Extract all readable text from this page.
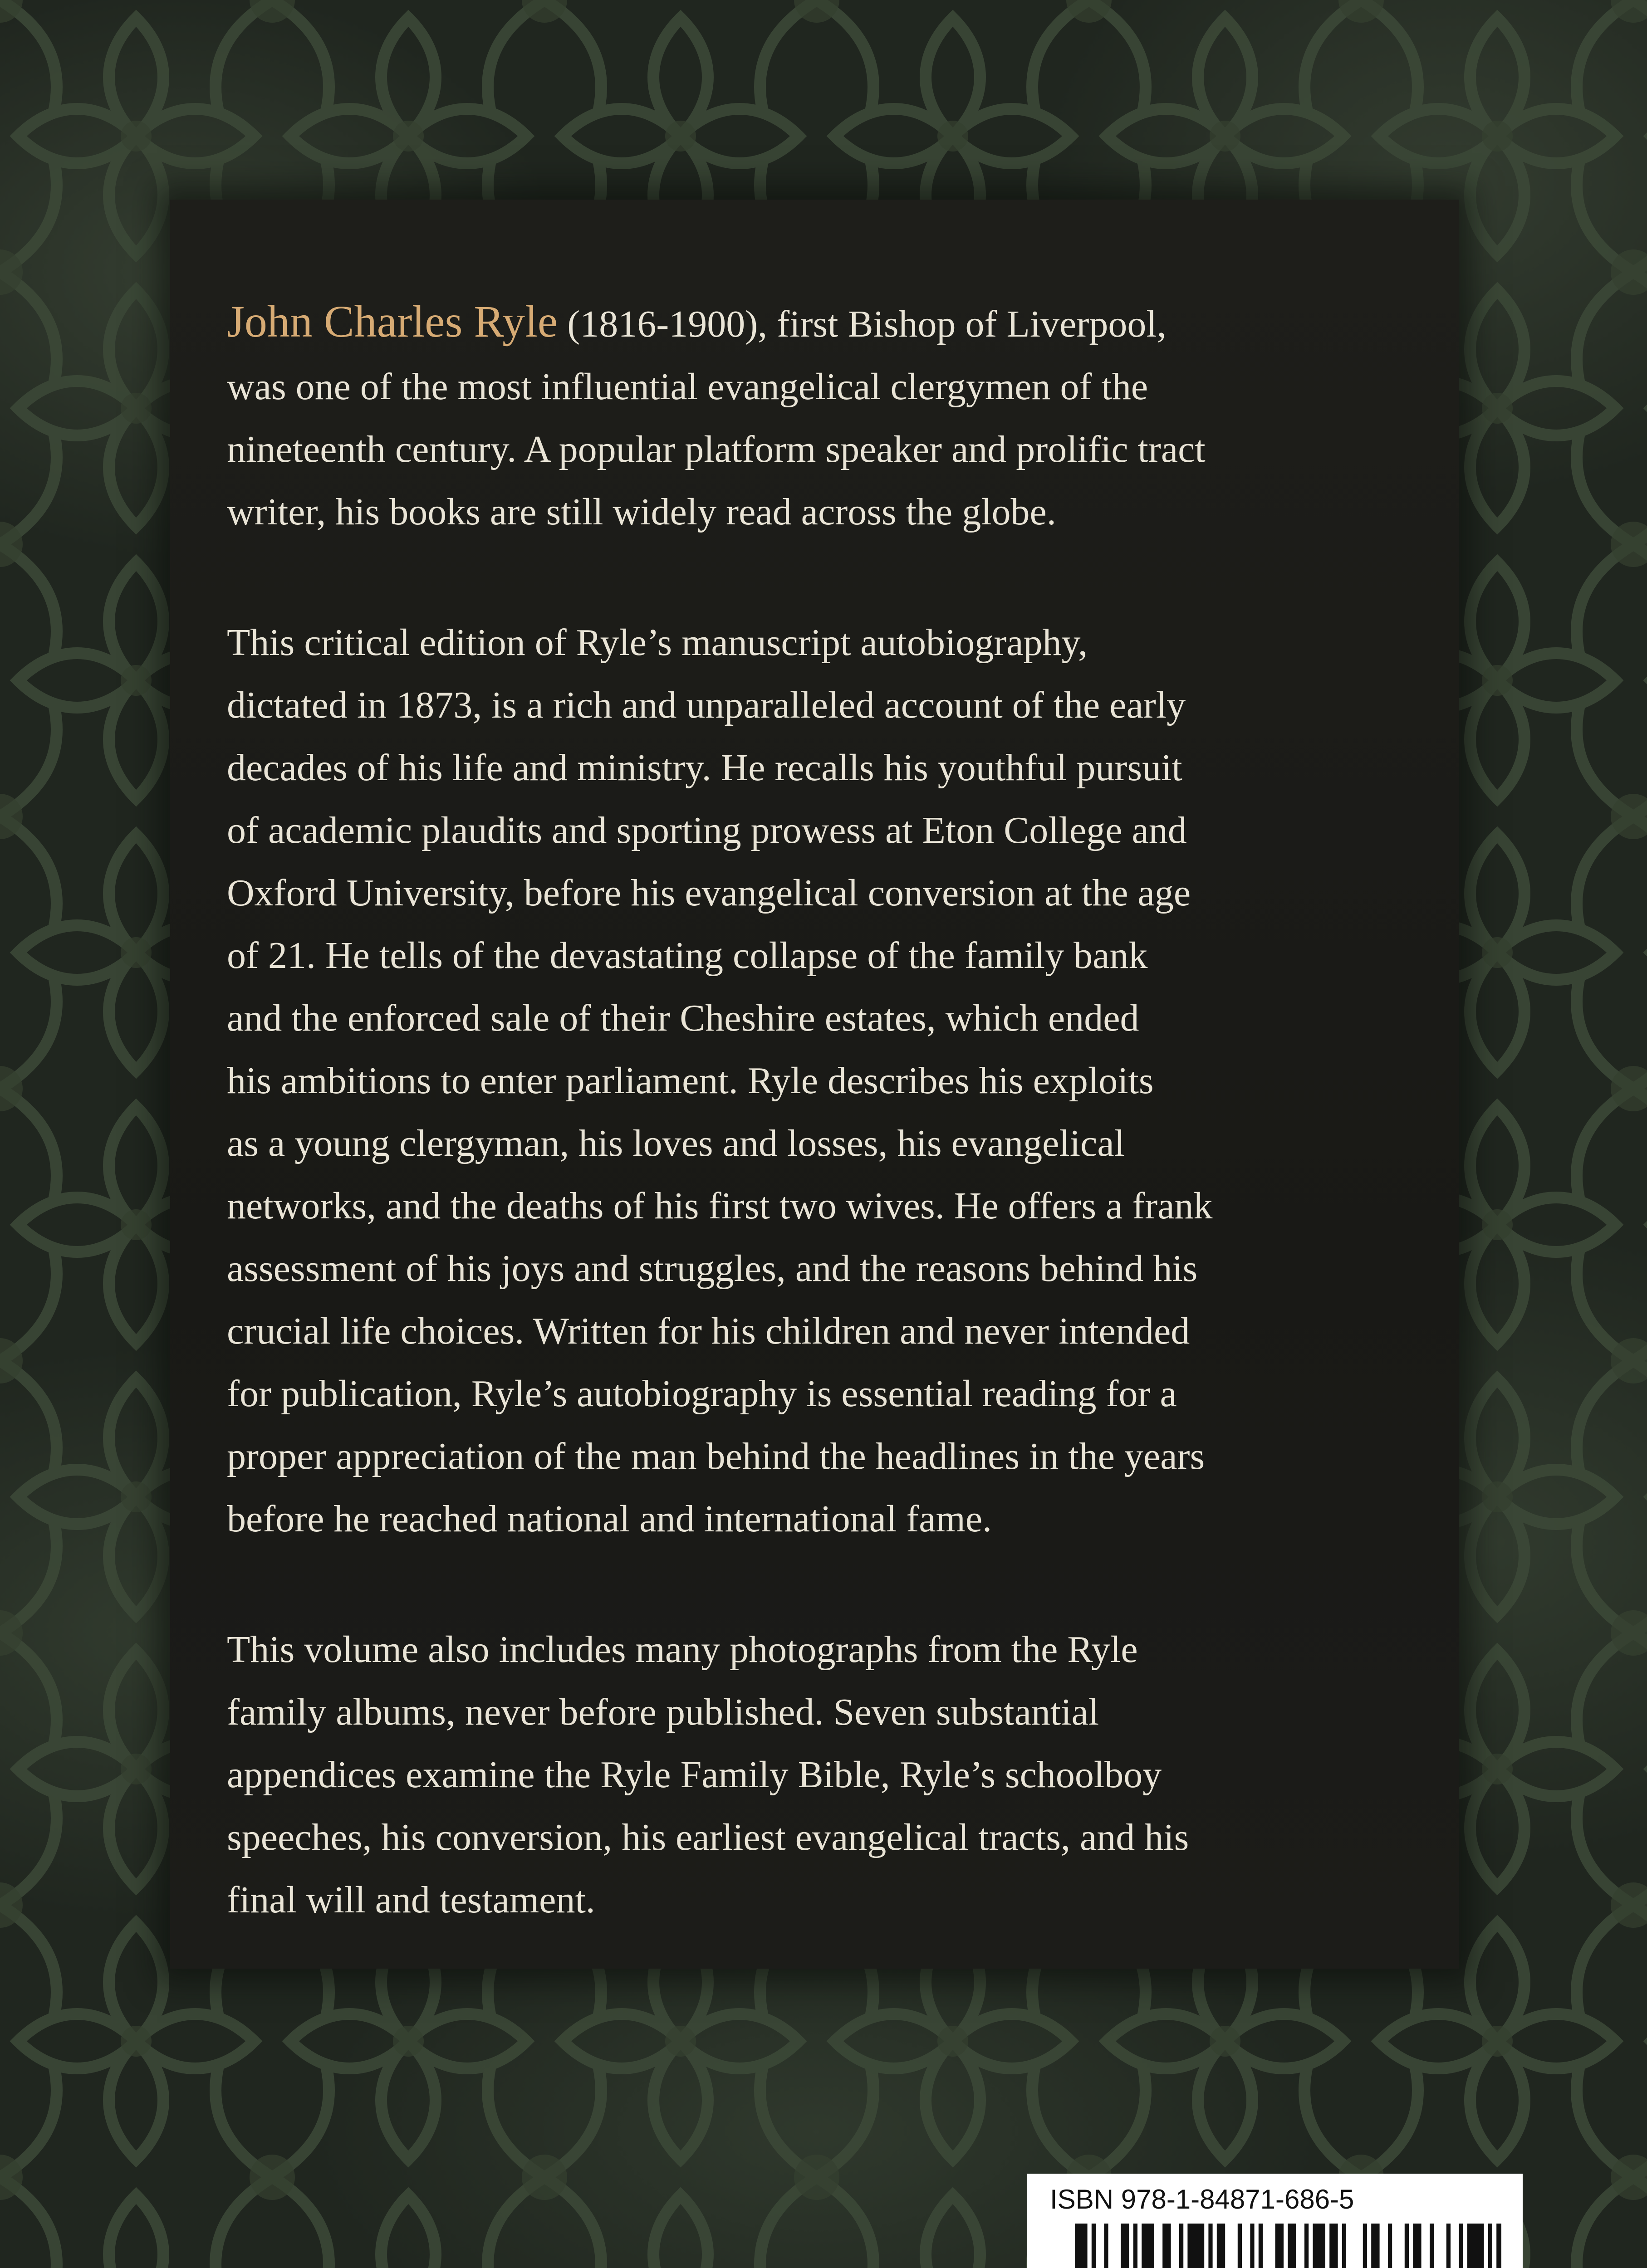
John Charles Ryle (1816-1900), first Bishop of Liverpool,
was one of the most influential evangelical clergymen of the
nineteenth century. A popular platform speaker and prolific tract
writer, his books are still widely read across the globe.

This critical edition of Ryle’s manuscript autobiography,
dictated in 1873, is a rich and unparalleled account of the early
decades of his life and ministry. He recalls his youthful pursuit
of academic plaudits and sporting prowess at Eton College and
Oxford University, before his evangelical conversion at the age
of 21. He tells of the devastating collapse of the family bank
and the enforced sale of their Cheshire estates, which ended
his ambitions to enter parliament. Ryle describes his exploits
as a young clergyman, his loves and losses, his evangelical
networks, and the deaths of his first two wives. He offers a frank
assessment of his joys and struggles, and the reasons behind his
crucial life choices. Written for his children and never intended
for publication, Ryle’s autobiography is essential reading for a
proper appreciation of the man behind the headlines in the years
before he reached national and international fame.

This volume also includes many photographs from the Ryle
family albums, never before published. Seven substantial
appendices examine the Ryle Family Bible, Ryle’s schoolboy
speeches, his conversion, his earliest evangelical tracts, and his
final will and testament.

ISBN 978-1-84871-686-5
